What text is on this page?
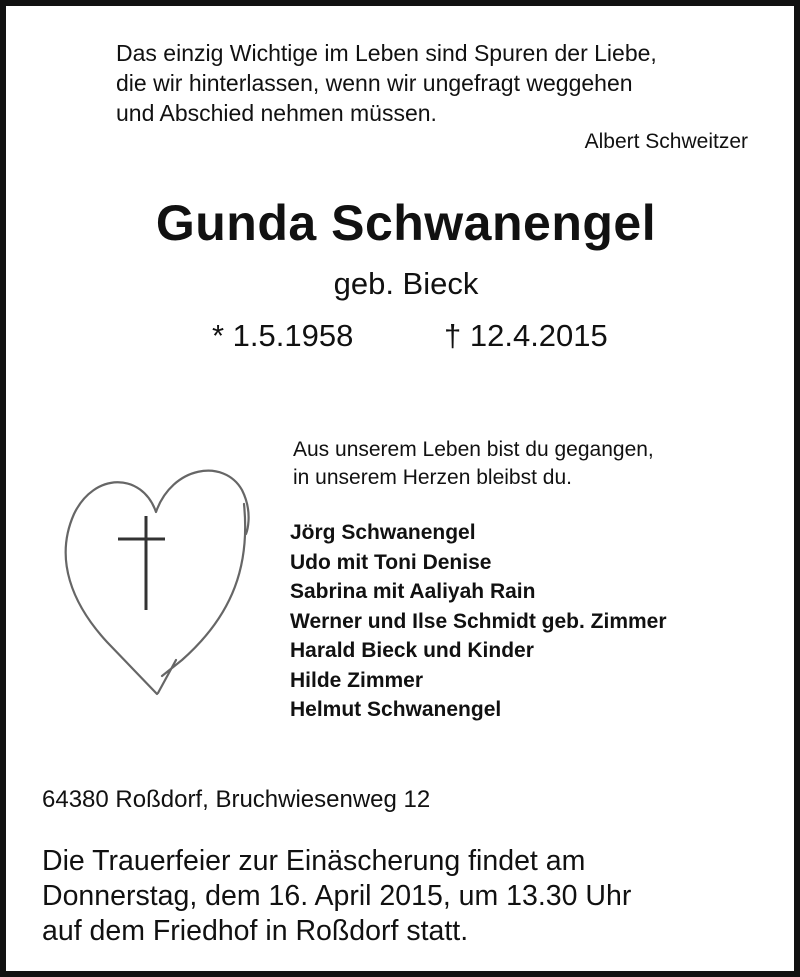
Das einzig Wichtige im Leben sind Spuren der Liebe,
die wir hinterlassen, wenn wir ungefragt weggehen
und Abschied nehmen müssen.
Albert Schweitzer
Gunda Schwanengel
geb. Bieck
* 1.5.1958	† 12.4.2015
Aus unserem Leben bist du gegangen,
in unserem Herzen bleibst du.
Jörg Schwanengel
Udo mit Toni Denise
Sabrina mit Aaliyah Rain
Werner und Ilse Schmidt geb. Zimmer
Harald Bieck und Kinder
Hilde Zimmer
Helmut Schwanengel
64380 Roßdorf, Bruchwiesenweg 12
Die Trauerfeier zur Einäscherung findet am
Donnerstag, dem 16. April 2015, um 13.30 Uhr
auf dem Friedhof in Roßdorf statt.
